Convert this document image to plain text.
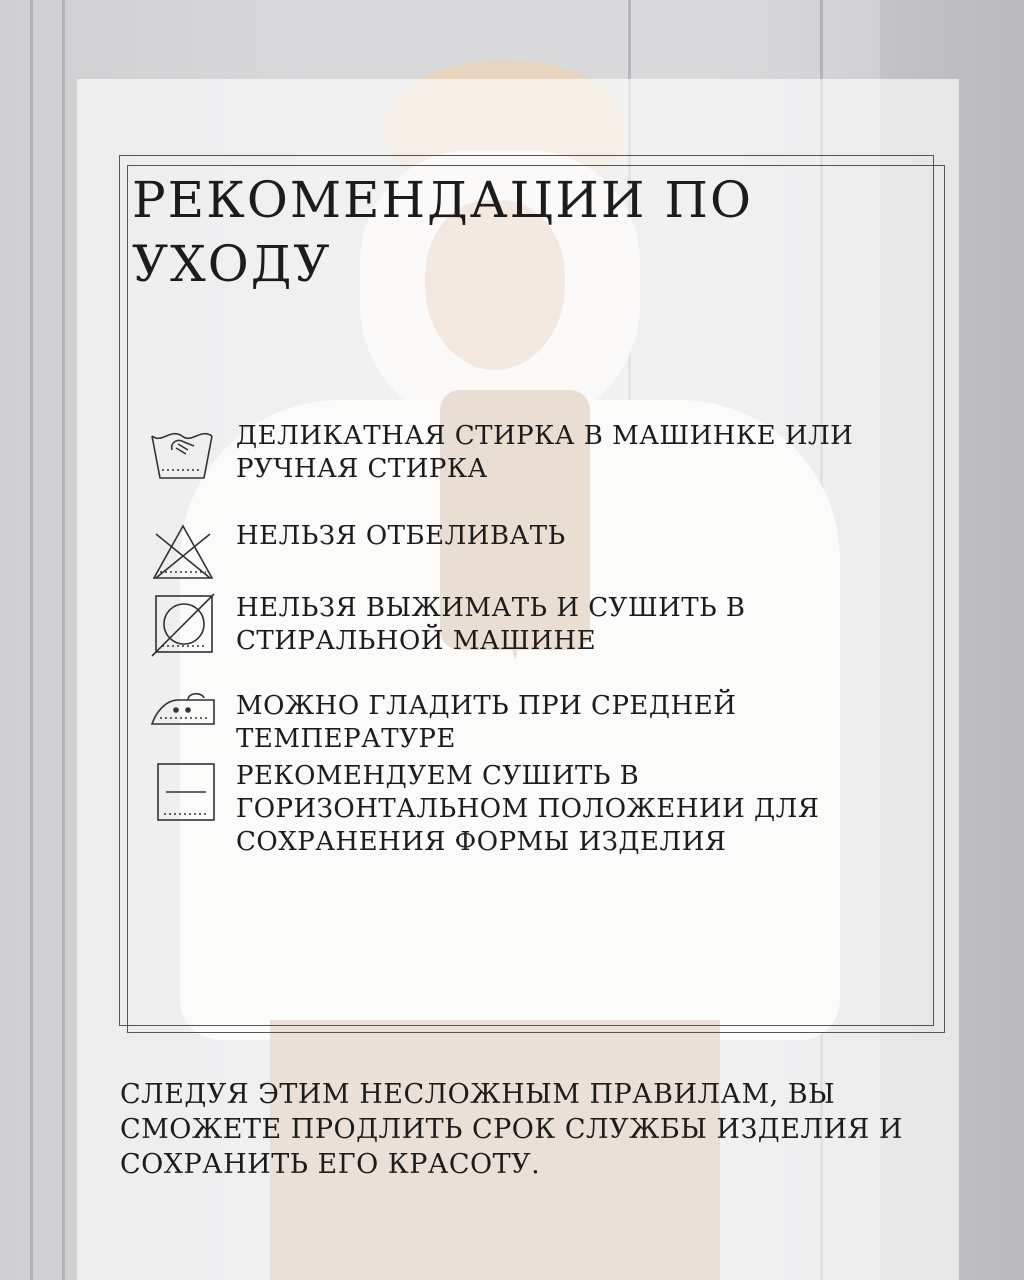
РЕКОМЕНДАЦИИ ПО УХОДУ
ДЕЛИКАТНАЯ СТИРКА В МАШИНКЕ ИЛИ РУЧНАЯ СТИРКА
НЕЛЬЗЯ ОТБЕЛИВАТЬ
НЕЛЬЗЯ ВЫЖИМАТЬ И СУШИТЬ В СТИРАЛЬНОЙ МАШИНЕ
МОЖНО ГЛАДИТЬ ПРИ СРЕДНЕЙ ТЕМПЕРАТУРЕ
РЕКОМЕНДУЕМ СУШИТЬ В ГОРИЗОНТАЛЬНОМ ПОЛОЖЕНИИ ДЛЯ СОХРАНЕНИЯ ФОРМЫ ИЗДЕЛИЯ

СЛЕДУЯ ЭТИМ НЕСЛОЖНЫМ ПРАВИЛАМ, ВЫ СМОЖЕТЕ ПРОДЛИТЬ СРОК СЛУЖБЫ ИЗДЕЛИЯ И СОХРАНИТЬ ЕГО КРАСОТУ.
